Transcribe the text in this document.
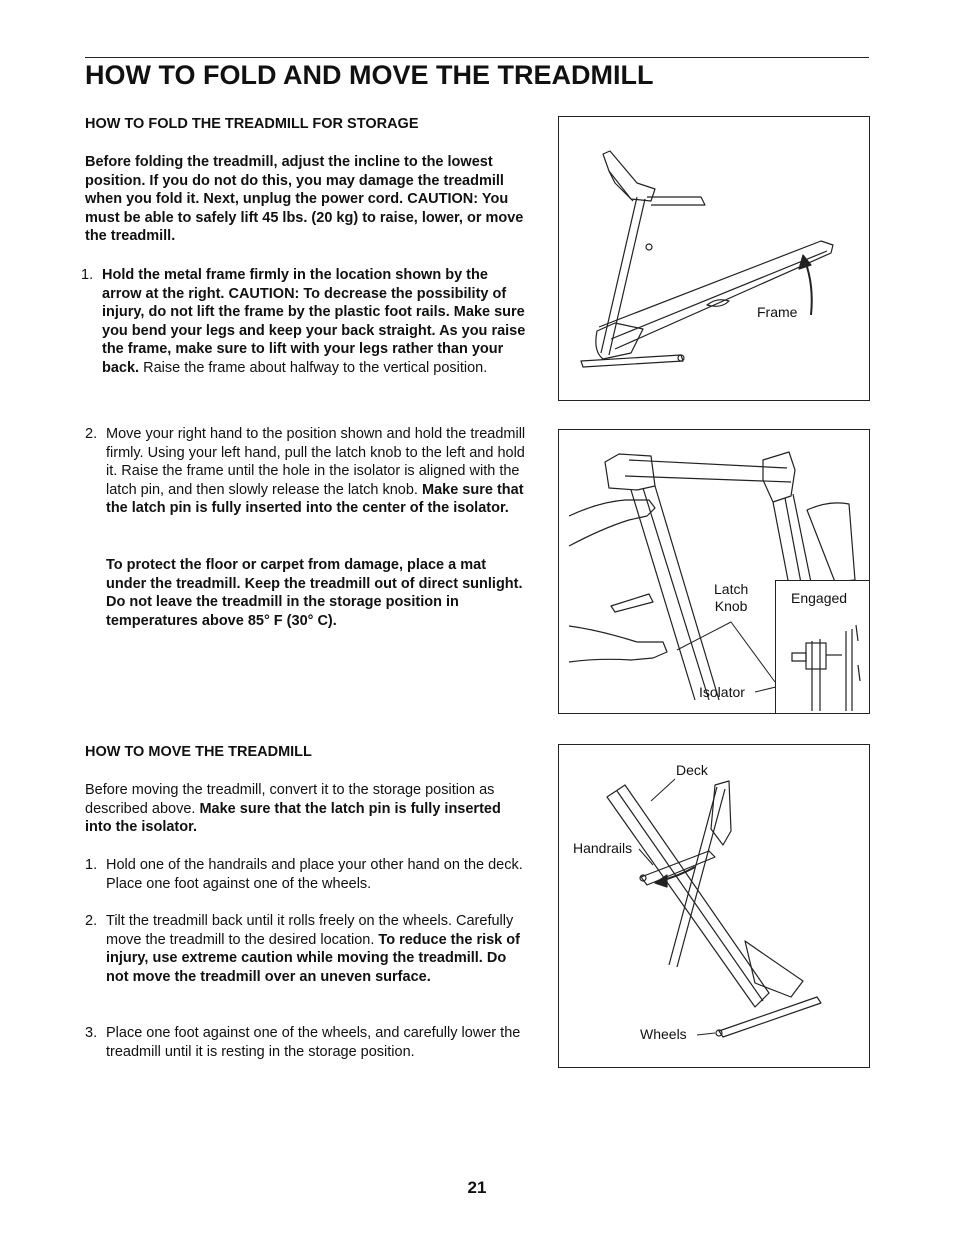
HOW TO FOLD AND MOVE THE TREADMILL
HOW TO FOLD THE TREADMILL FOR STORAGE
Before folding the treadmill, adjust the incline to the lowest position. If you do not do this, you may damage the treadmill when you fold it. Next, unplug the power cord. CAUTION: You must be able to safely lift 45 lbs. (20 kg) to raise, lower, or move the treadmill.
1. Hold the metal frame firmly in the location shown by the arrow at the right. CAUTION: To decrease the possibility of injury, do not lift the frame by the plastic foot rails. Make sure you bend your legs and keep your back straight. As you raise the frame, make sure to lift with your legs rather than your back. Raise the frame about halfway to the vertical position.
2. Move your right hand to the position shown and hold the treadmill firmly. Using your left hand, pull the latch knob to the left and hold it. Raise the frame until the hole in the isolator is aligned with the latch pin, and then slowly release the latch knob. Make sure that the latch pin is fully inserted into the center of the isolator.
To protect the floor or carpet from damage, place a mat under the treadmill. Keep the treadmill out of direct sunlight. Do not leave the treadmill in the storage position in temperatures above 85° F (30° C).
HOW TO MOVE THE TREADMILL
Before moving the treadmill, convert it to the storage position as described above. Make sure that the latch pin is fully inserted into the isolator.
1. Hold one of the handrails and place your other hand on the deck. Place one foot against one of the wheels.
2. Tilt the treadmill back until it rolls freely on the wheels. Carefully move the treadmill to the desired location. To reduce the risk of injury, use extreme caution while moving the treadmill. Do not move the treadmill over an uneven surface.
3. Place one foot against one of the wheels, and carefully lower the treadmill until it is resting in the storage position.
Frame
Latch
Knob
Isolator
Engaged
Deck
Handrails
Wheels
21
